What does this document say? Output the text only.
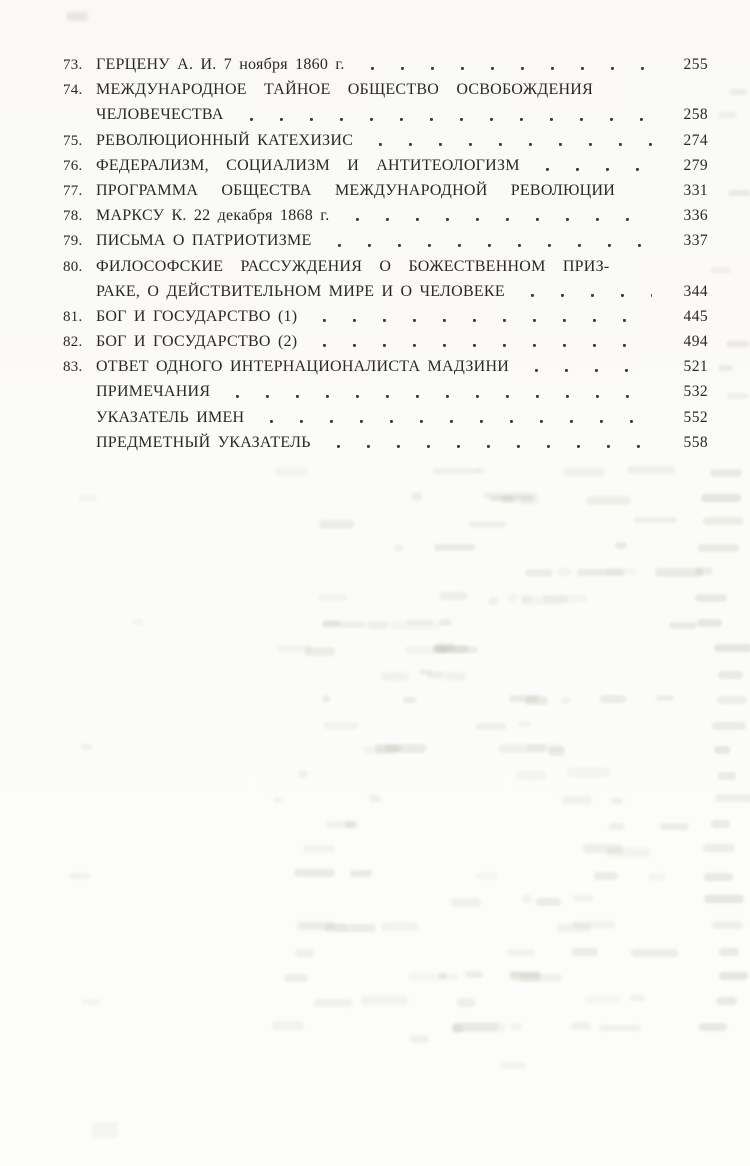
73. ГЕРЦЕНУ А. И. 7 ноября 1860 г.	255
74. МЕЖДУНАРОДНОЕ ТАЙНОЕ ОБЩЕСТВО ОСВОБОЖДЕНИЯ
ЧЕЛОВЕЧЕСТВА	258
75. РЕВОЛЮЦИОННЫЙ КАТЕХИЗИС	274
76. ФЕДЕРАЛИЗМ, СОЦИАЛИЗМ И АНТИТЕОЛОГИЗМ	279
77. ПРОГРАММА ОБЩЕСТВА МЕЖДУНАРОДНОЙ РЕВОЛЮЦИИ	331
78. МАРКСУ К. 22 декабря 1868 г.	336
79. ПИСЬМА О ПАТРИОТИЗМЕ	337
80. ФИЛОСОФСКИЕ РАССУЖДЕНИЯ О БОЖЕСТВЕННОМ ПРИЗ-
РАКЕ, О ДЕЙСТВИТЕЛЬНОМ МИРЕ И О ЧЕЛОВЕКЕ	344
81. БОГ И ГОСУДАРСТВО (1)	445
82. БОГ И ГОСУДАРСТВО (2)	494
83. ОТВЕТ ОДНОГО ИНТЕРНАЦИОНАЛИСТА МАДЗИНИ	521
ПРИМЕЧАНИЯ	532
УКАЗАТЕЛЬ ИМЕН	552
ПРЕДМЕТНЫЙ УКАЗАТЕЛЬ	558
